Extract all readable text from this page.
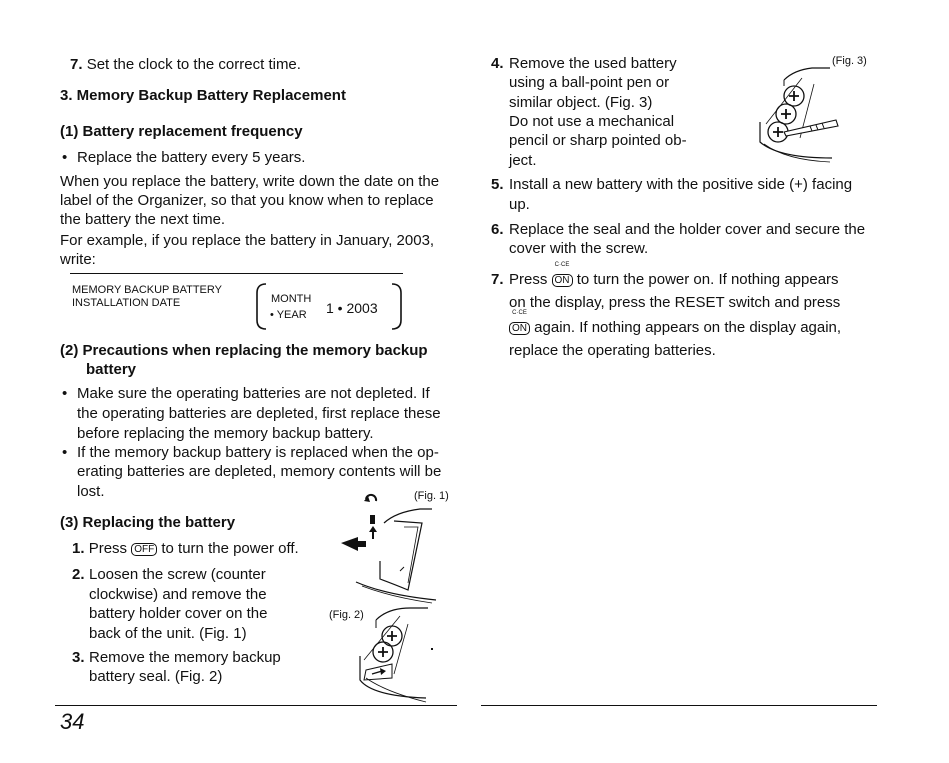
7. Set the clock to the correct time.
3. Memory Backup Battery Replacement
(1) Battery replacement frequency
• Replace the battery every 5 years.
When you replace the battery, write down the date on the
label of the Organizer, so that you know when to replace
the battery the next time.
For example, if you replace the battery in January, 2003,
write:
MEMORY BACKUP BATTERY
INSTALLATION DATE	MONTH
• YEAR 1 • 2003
(2) Precautions when replacing the memory backup
battery
• Make sure the operating batteries are not depleted. If
the operating batteries are depleted, first replace these
before replacing the memory backup battery.
• If the memory backup battery is replaced when the op-
erating batteries are depleted, memory contents will be
lost.
(3) Replacing the battery
1. Press OFF to turn the power off.
2. Loosen the screw (counter
clockwise) and remove the
battery holder cover on the
back of the unit. (Fig. 1)
3. Remove the memory backup
battery seal. (Fig. 2)
(Fig. 1)
(Fig. 2)
34
4. Remove the used battery
using a ball-point pen or
similar object. (Fig. 3)
Do not use a mechanical
pencil or sharp pointed ob-
ject.
(Fig. 3)
5. Install a new battery with the positive side (+) facing
up.
6. Replace the seal and the holder cover and secure the
cover with the screw.
7. Press
C·CE
ON to turn the power on. If nothing appears
on the display, press the RESET switch and press
C·CE
ON again. If nothing appears on the display again,
replace the operating batteries.
